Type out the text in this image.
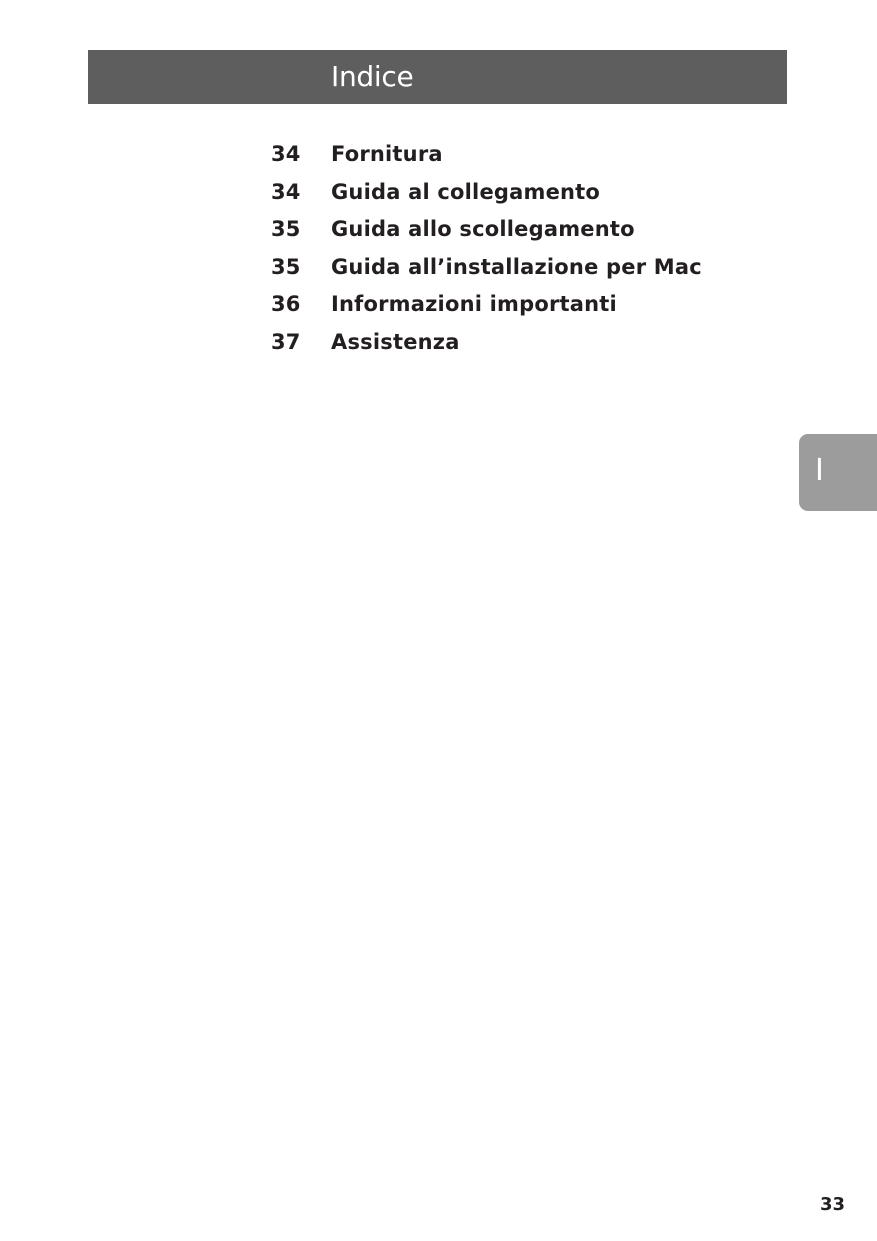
Indice
34	Fornitura
34	Guida al collegamento
35	Guida allo scollegamento
35	Guida all’installazione per Mac
36	Informazioni importanti
37	Assistenza
I
33
